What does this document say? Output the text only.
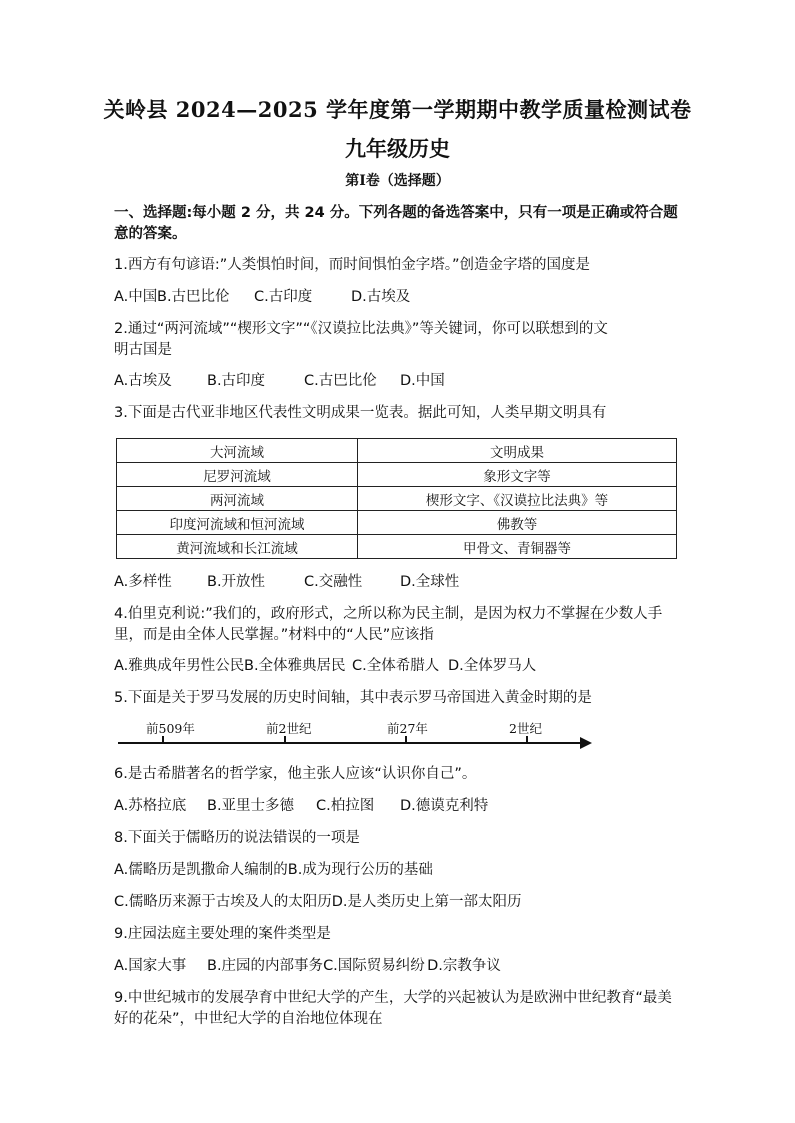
关岭县 2024—2025 学年度第一学期期中教学质量检测试卷
九年级历史
第Ⅰ卷（选择题）
一、选择题:每小题 2 分，共 24 分。下列各题的备选答案中，只有一项是正确或符合题
意的答案。
1.西方有句谚语:”人类惧怕时间，而时间惧怕金字塔。”创造金字塔的国度是
A.中国B.古巴比伦 C.古印度	D.古埃及
2.通过“两河流域”“楔形文字”“《汉谟拉比法典》”等关键词，你可以联想到的文
明古国是
A.古埃及 B.古印度	C.古巴比伦 D.中国
3.下面是古代亚非地区代表性文明成果一览表。据此可知，人类早期文明具有
大河流域	文明成果
尼罗河流域	象形文字等
两河流域	楔形文字、《汉谟拉比法典》等
印度河流域和恒河流域	佛教等
黄河流域和长江流域	甲骨文、青铜器等
A.多样性 B.开放性	C.交融性	D.全球性
4.伯里克利说:”我们的，政府形式，之所以称为民主制，是因为权力不掌握在少数人手
里，而是由全体人民掌握。”材料中的“人民”应该指
A.雅典成年男性公民B.全体雅典居民 C.全体希腊人 D.全体罗马人
5.下面是关于罗马发展的历史时间轴，其中表示罗马帝国进入黄金时期的是
前509年	前2世纪	前27年	2世纪
6.是古希腊著名的哲学家，他主张人应该“认识你自己”。
A.苏格拉底 B.亚里士多德 C.柏拉图 D.德谟克利特
8.下面关于儒略历的说法错误的一项是
A.儒略历是凯撒命人编制的B.成为现行公历的基础
C.儒略历来源于古埃及人的太阳历D.是人类历史上第一部太阳历
9.庄园法庭主要处理的案件类型是
A.国家大事 B.庄园的内部事务C.国际贸易纠纷 D.宗教争议
9.中世纪城市的发展孕育中世纪大学的产生，大学的兴起被认为是欧洲中世纪教育“最美
好的花朵”，中世纪大学的自治地位体现在
